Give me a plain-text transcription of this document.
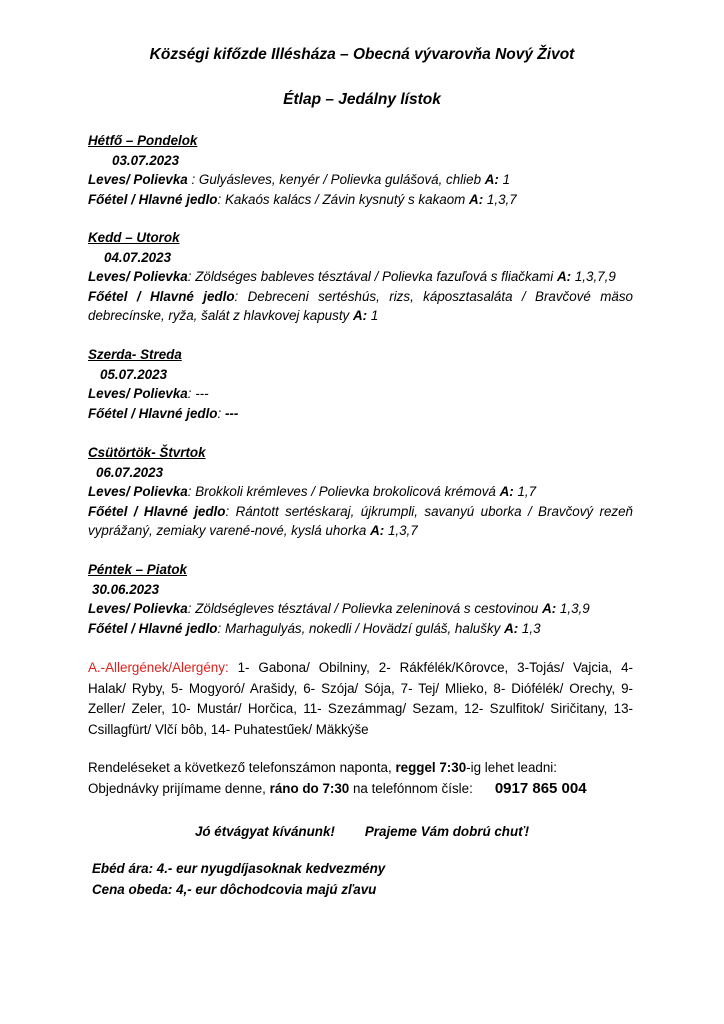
Községi kifőzde Illésháza – Obecná vývarovňa Nový Život
Étlap – Jedálny lístok
Hétfő – Pondelok
03.07.2023
Leves/ Polievka : Gulyásleves, kenyér / Polievka gulášová, chlieb A: 1
Főétel / Hlavné jedlo: Kakaós kalács / Závin kysnutý s kakaom A: 1,3,7
Kedd – Utorok
04.07.2023
Leves/ Polievka: Zöldséges bableves tésztával / Polievka fazuľová s fliačkami A: 1,3,7,9
Főétel / Hlavné jedlo: Debreceni sertéshús, rizs, káposztasaláta / Bravčové mäso debrecínske, ryža, šalát z hlavkovej kapusty A: 1
Szerda- Streda
05.07.2023
Leves/ Polievka: ---
Főétel / Hlavné jedlo: ---
Csütörtök- Štvrtok
06.07.2023
Leves/ Polievka: Brokkoli krémleves / Polievka brokolicová krémová A: 1,7
Főétel / Hlavné jedlo: Rántott sertéskaraj, újkrumpli, savanyú uborka / Bravčový rezeň vyprážaný, zemiaky varené-nové, kyslá uhorka A: 1,3,7
Péntek – Piatok
30.06.2023
Leves/ Polievka: Zöldségleves tésztával / Polievka zeleninová s cestovinou A: 1,3,9
Főétel / Hlavné jedlo: Marhagulyás, nokedli / Hovädzí guláš, halušky A: 1,3
A.-Allergének/Alergény: 1- Gabona/ Obilniny, 2- Rákfélék/Kôrovce, 3-Tojás/ Vajcia, 4- Halak/ Ryby, 5- Mogyoró/ Arašidy, 6- Szója/ Sója, 7- Tej/ Mlieko, 8- Diófélék/ Orechy, 9- Zeller/ Zeler, 10- Mustár/ Horčica, 11- Szezámmag/ Sezam, 12- Szulfitok/ Siričitany, 13- Csillagfürt/ Vlčí bôb, 14- Puhatestűek/ Mäkkýše
Rendeléseket a következő telefonszámon naponta, reggel 7:30-ig lehet leadni:
Objednávky prijímame denne, ráno do 7:30 na telefónnom čísle: 0917 865 004
Jó étvágyat kívánunk! Prajeme Vám dobrú chuť!
Ebéd ára: 4.- eur nyugdíjasoknak kedvezmény
Cena obeda: 4,- eur dôchodcovia majú zľavu
